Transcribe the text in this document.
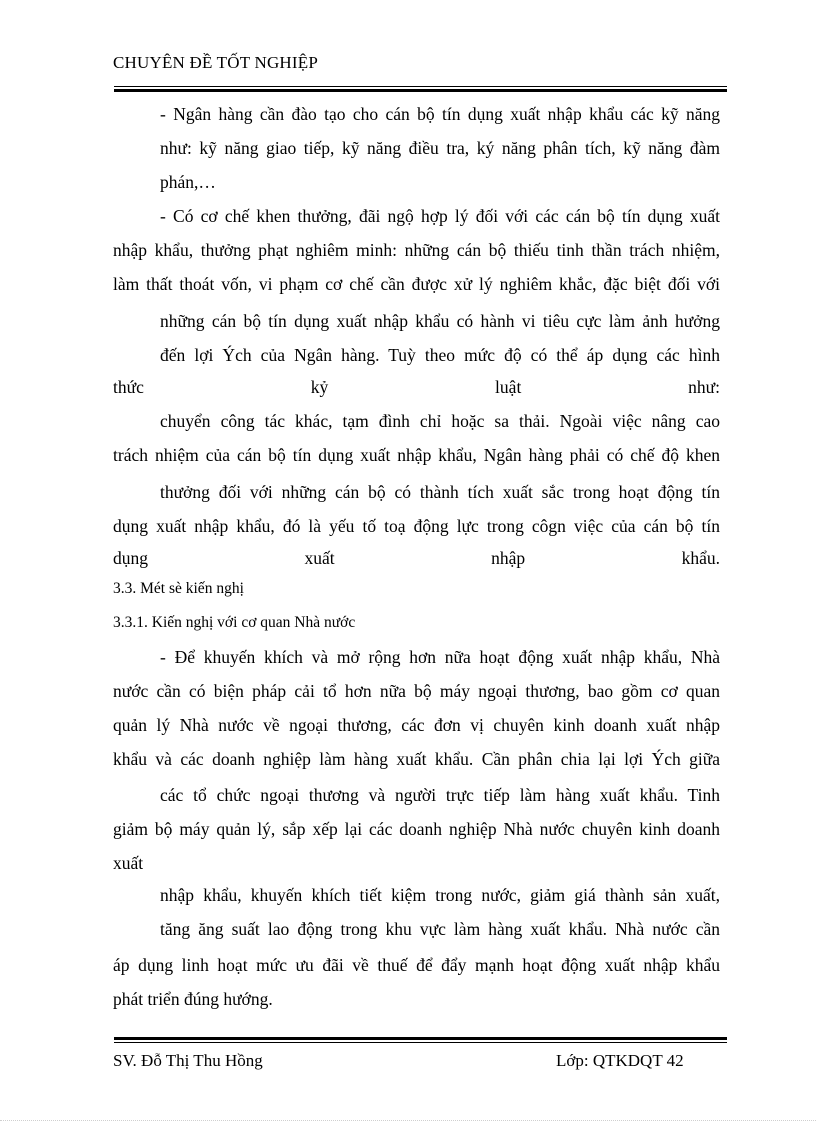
CHUYÊN ĐỀ TỐT NGHIỆP
- Ngân hàng cần đào tạo cho cán bộ tín dụng xuất nhập khẩu các kỹ năng
như: kỹ năng giao tiếp, kỹ năng điều tra, ký năng phân tích, kỹ năng đàm
phán,…
- Có cơ chế khen thưởng, đãi ngộ hợp lý đối với các cán bộ tín dụng xuất
nhập khẩu, thưởng phạt nghiêm minh: những cán bộ thiếu tinh thần trách nhiệm,
làm thất thoát vốn, vi phạm cơ chế cần được xử lý nghiêm khắc, đặc biệt đối với
những cán bộ tín dụng xuất nhập khẩu có hành vi tiêu cực làm ảnh hưởng
đến lợi Ých của Ngân hàng. Tuỳ theo mức độ có thể áp dụng các hình
thức kỷ luật như:
chuyển công tác khác, tạm đình chỉ hoặc sa thải. Ngoài việc nâng cao
trách nhiệm của cán bộ tín dụng xuất nhập khẩu, Ngân hàng phải có chế độ khen
thưởng đối với những cán bộ có thành tích xuất sắc trong hoạt động tín
dụng xuất nhập khẩu, đó là yếu tố toạ động lực trong côgn việc của cán bộ tín
dụng xuất nhập khẩu.
3.3. Mét sè kiến nghị
3.3.1. Kiến nghị với cơ quan Nhà nước
- Để khuyến khích và mở rộng hơn nữa hoạt động xuất nhập khẩu, Nhà
nước cần có biện pháp cải tổ hơn nữa bộ máy ngoại thương, bao gồm cơ quan
quản lý Nhà nước về ngoại thương, các đơn vị chuyên kinh doanh xuất nhập
khẩu và các doanh nghiệp làm hàng xuất khẩu. Cần phân chia lại lợi Ých giữa
các tổ chức ngoại thương và người trực tiếp làm hàng xuất khẩu. Tinh
giảm bộ máy quản lý, sắp xếp lại các doanh nghiệp Nhà nước chuyên kinh doanh
xuất
nhập khẩu, khuyến khích tiết kiệm trong nước, giảm giá thành sản xuất,
tăng ăng suất lao động trong khu vực làm hàng xuất khẩu. Nhà nước cần
áp dụng linh hoạt mức ưu đãi về thuế để đẩy mạnh hoạt động xuất nhập khẩu
phát triển đúng hướng.
SV. Đỗ Thị Thu Hồng	Lớp: QTKDQT 42
